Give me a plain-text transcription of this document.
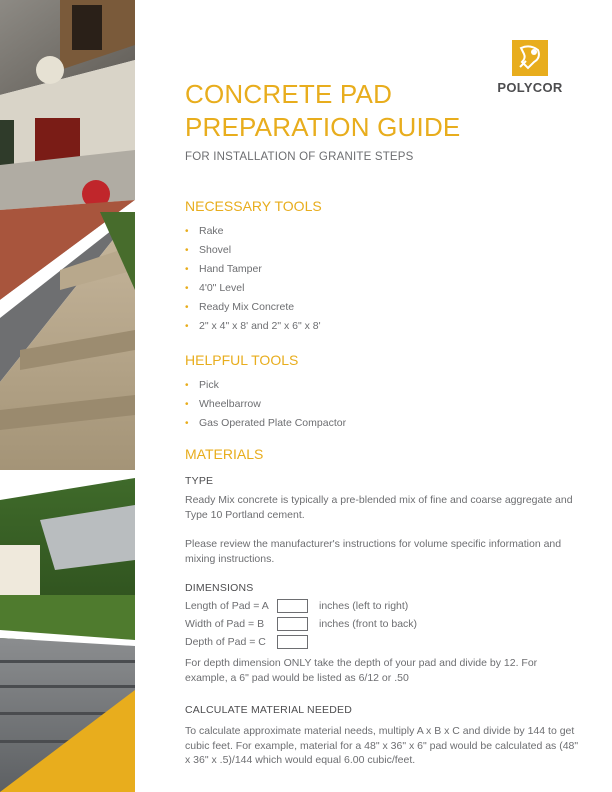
POLYCOR
CONCRETE PAD
PREPARATION GUIDE
FOR INSTALLATION OF GRANITE STEPS
NECESSARY TOOLS
• Rake
• Shovel
• Hand Tamper
• 4'0" Level
• Ready Mix Concrete
• 2" x 4" x 8' and 2" x 6" x 8'
HELPFUL TOOLS
• Pick
• Wheelbarrow
• Gas Operated Plate Compactor
MATERIALS
TYPE

Ready Mix concrete is typically a pre-blended mix of fine and coarse aggregate and Type 10 Portland cement.

Please review the manufacturer's instructions for volume specific information and mixing instructions.

DIMENSIONS
Length of Pad = A	inches (left to right)
Width of Pad = B	inches (front to back)
Depth of Pad = C

For depth dimension ONLY take the depth of your pad and divide by 12. For example, a 6" pad would be listed as 6/12 or .50

CALCULATE MATERIAL NEEDED

To calculate approximate material needs, multiply A x B x C and divide by 144 to get cubic feet. For example, material for a 48" x 36" x 6" pad would be calculated as (48" x 36" x .5)/144 which would equal 6.00 cubic/feet.
